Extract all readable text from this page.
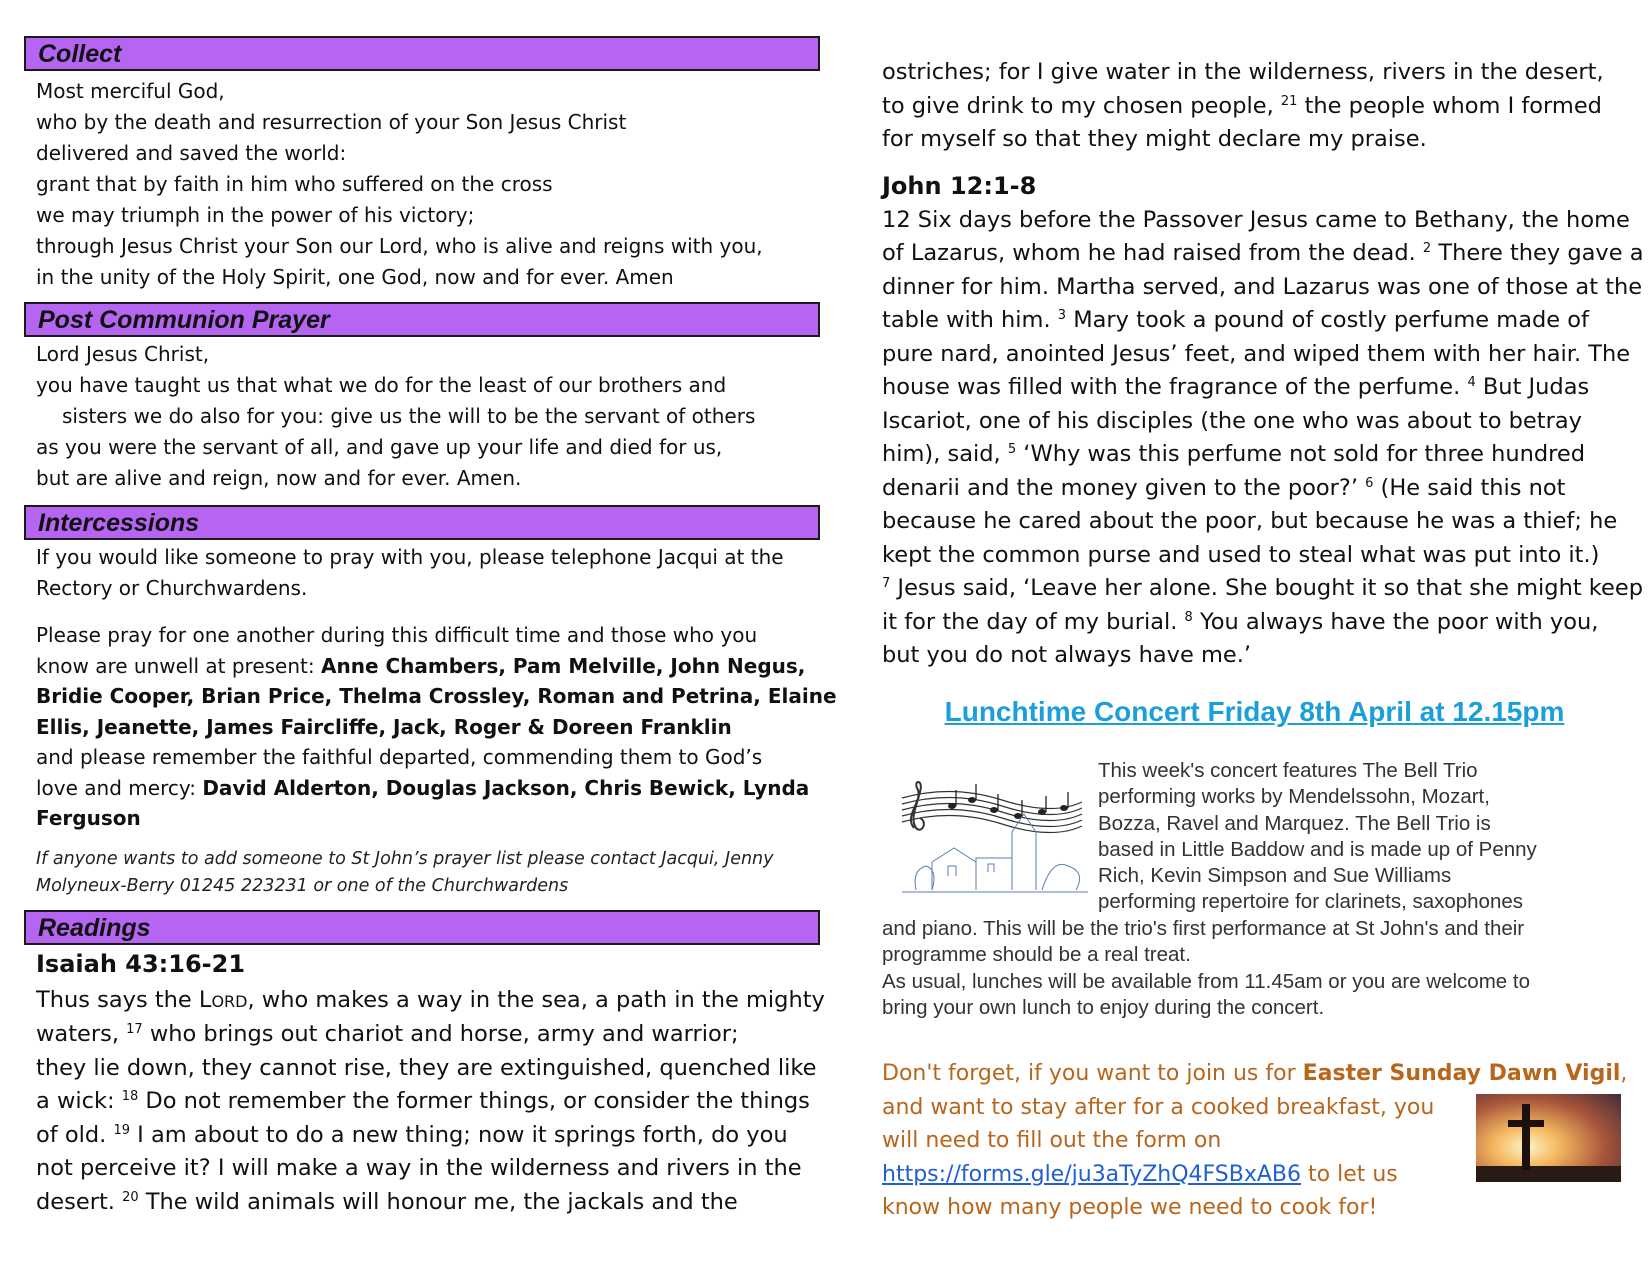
Collect
Most merciful God,
who by the death and resurrection of your Son Jesus Christ
delivered and saved the world:
grant that by faith in him who suffered on the cross
we may triumph in the power of his victory;
through Jesus Christ your Son our Lord, who is alive and reigns with you,
in the unity of the Holy Spirit, one God, now and for ever. Amen
Post Communion Prayer
Lord Jesus Christ,
you have taught us that what we do for the least of our brothers and
sisters we do also for you: give us the will to be the servant of others
as you were the servant of all, and gave up your life and died for us,
but are alive and reign, now and for ever. Amen.
Intercessions
If you would like someone to pray with you, please telephone Jacqui at the
Rectory or Churchwardens.
Please pray for one another during this difficult time and those who you
know are unwell at present: Anne Chambers, Pam Melville, John Negus,
Bridie Cooper, Brian Price, Thelma Crossley, Roman and Petrina, Elaine
Ellis, Jeanette, James Faircliffe, Jack, Roger & Doreen Franklin
and please remember the faithful departed, commending them to God’s
love and mercy: David Alderton, Douglas Jackson, Chris Bewick, Lynda
Ferguson
If anyone wants to add someone to St John’s prayer list please contact Jacqui, Jenny
Molyneux-Berry 01245 223231 or one of the Churchwardens
Readings
Isaiah 43:16-21
Thus says the LORD, who makes a way in the sea, a path in the mighty
waters, $^{17}$ who brings out chariot and horse, army and warrior;
they lie down, they cannot rise, they are extinguished, quenched like
a wick: $^{18}$ Do not remember the former things, or consider the things
of old. $^{19}$ I am about to do a new thing; now it springs forth, do you
not perceive it? I will make a way in the wilderness and rivers in the
desert. $^{20}$ The wild animals will honour me, the jackals and the
ostriches; for I give water in the wilderness, rivers in the desert,
to give drink to my chosen people, $^{21}$ the people whom I formed
for myself so that they might declare my praise.
John 12:1-8
12 Six days before the Passover Jesus came to Bethany, the home
of Lazarus, whom he had raised from the dead. $^2$ There they gave a
dinner for him. Martha served, and Lazarus was one of those at the
table with him. $^3$ Mary took a pound of costly perfume made of
pure nard, anointed Jesus’ feet, and wiped them with her hair. The
house was filled with the fragrance of the perfume. $^4$ But Judas
Iscariot, one of his disciples (the one who was about to betray
him), said, $^5$ ‘Why was this perfume not sold for three hundred
denarii and the money given to the poor?’ $^6$ (He said this not
because he cared about the poor, but because he was a thief; he
kept the common purse and used to steal what was put into it.)
$^7$ Jesus said, ‘Leave her alone. She bought it so that she might keep
it for the day of my burial. $^8$ You always have the poor with you,
but you do not always have me.’
Lunchtime Concert Friday 8th April at 12.15pm
This week's concert features The Bell Trio
performing works by Mendelssohn, Mozart,
Bozza, Ravel and Marquez. The Bell Trio is
based in Little Baddow and is made up of Penny
Rich, Kevin Simpson and Sue Williams
performing repertoire for clarinets, saxophones
and piano. This will be the trio's first performance at St John's and their
programme should be a real treat.
As usual, lunches will be available from 11.45am or you are welcome to
bring your own lunch to enjoy during the concert.
Don't forget, if you want to join us for Easter Sunday Dawn Vigil,
and want to stay after for a cooked breakfast, you
will need to fill out the form on
https://forms.gle/ju3aTyZhQ4FSBxAB6 to let us
know how many people we need to cook for!
